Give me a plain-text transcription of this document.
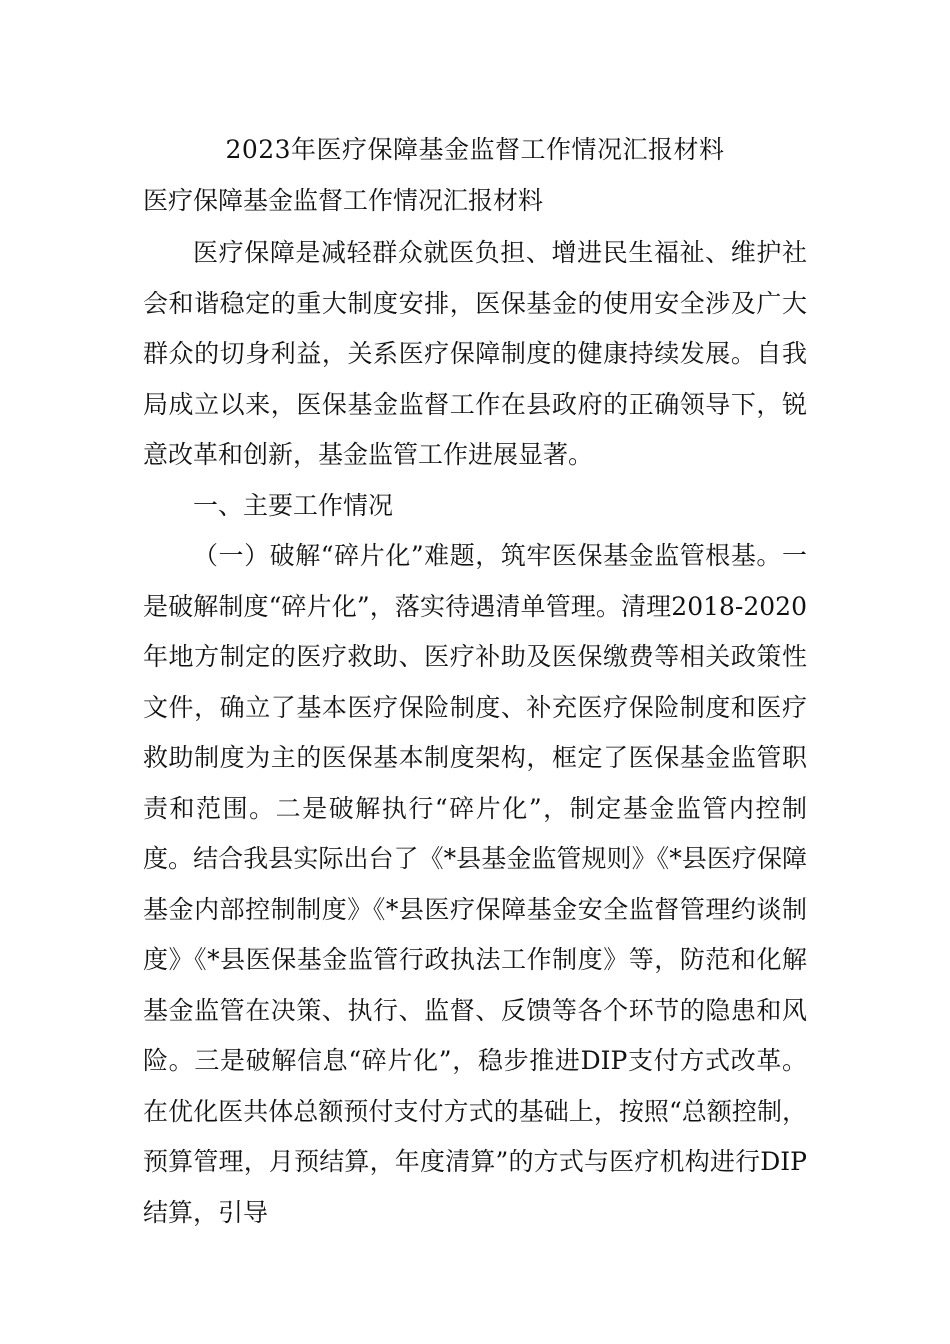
2023年医疗保障基金监督工作情况汇报材料
医疗保障基金监督工作情况汇报材料

医疗保障是减轻群众就医负担、增进民生福祉、维护社会和谐稳定的重大制度安排，医保基金的使用安全涉及广大群众的切身利益，关系医疗保障制度的健康持续发展。自我局成立以来，医保基金监督工作在县政府的正确领导下，锐意改革和创新，基金监管工作进展显著。

一、主要工作情况

（一）破解“碎片化”难题，筑牢医保基金监管根基。一是破解制度“碎片化”，落实待遇清单管理。清理2018-2020年地方制定的医疗救助、医疗补助及医保缴费等相关政策性文件，确立了基本医疗保险制度、补充医疗保险制度和医疗救助制度为主的医保基本制度架构，框定了医保基金监管职责和范围。二是破解执行“碎片化”，制定基金监管内控制度。结合我县实际出台了《*县基金监管规则》《*县医疗保障基金内部控制制度》《*县医疗保障基金安全监督管理约谈制度》《*县医保基金监管行政执法工作制度》等，防范和化解基金监管在决策、执行、监督、反馈等各个环节的隐患和风险。三是破解信息“碎片化”，稳步推进DIP支付方式改革。在优化医共体总额预付支付方式的基础上，按照“总额控制，预算管理，月预结算，年度清算”的方式与医疗机构进行DIP结算，引导
